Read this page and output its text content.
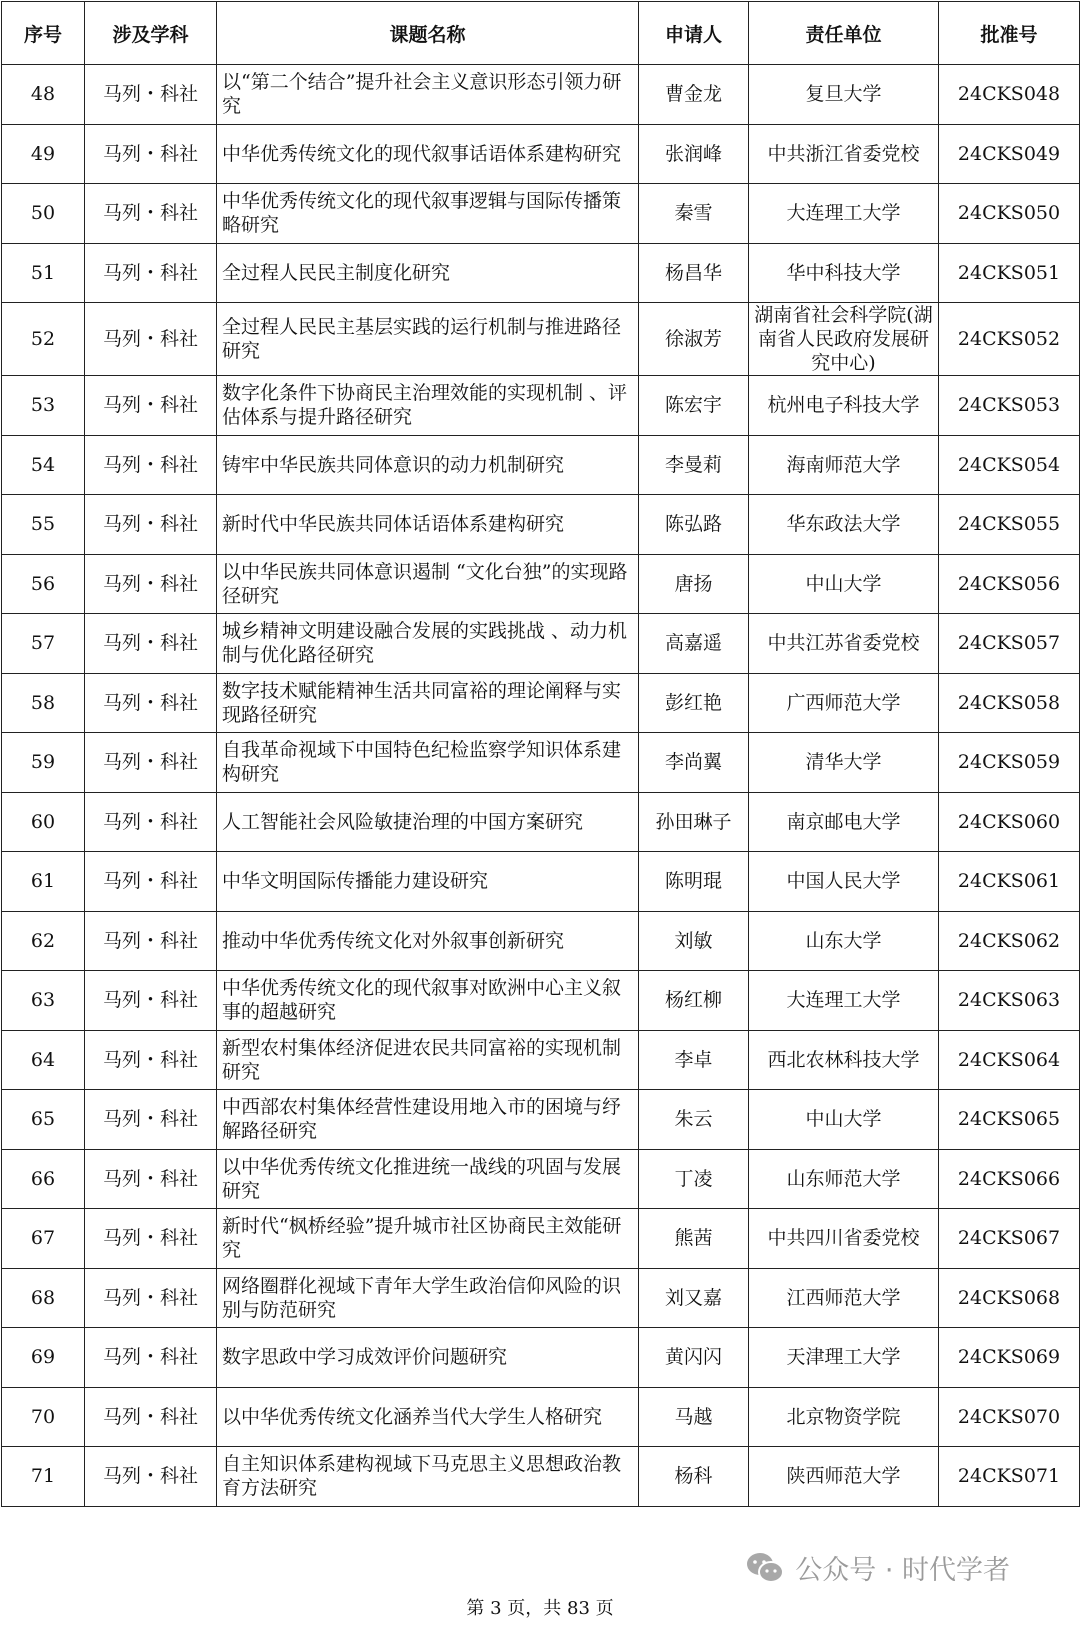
序号	涉及学科	课题名称	申请人	责任单位	批准号
48	马列・科社	以“第二个结合”提升社会主义意识形态引领力研究	曹金龙	复旦大学	24CKS048
49	马列・科社	中华优秀传统文化的现代叙事话语体系建构研究	张润峰	中共浙江省委党校	24CKS049
50	马列・科社	中华优秀传统文化的现代叙事逻辑与国际传播策略研究	秦雪	大连理工大学	24CKS050
51	马列・科社	全过程人民民主制度化研究	杨昌华	华中科技大学	24CKS051
52	马列・科社	全过程人民民主基层实践的运行机制与推进路径研究	徐淑芳	湖南省社会科学院(湖南省人民政府发展研究中心)	24CKS052
53	马列・科社	数字化条件下协商民主治理效能的实现机制 、评估体系与提升路径研究	陈宏宇	杭州电子科技大学	24CKS053
54	马列・科社	铸牢中华民族共同体意识的动力机制研究	李曼莉	海南师范大学	24CKS054
55	马列・科社	新时代中华民族共同体话语体系建构研究	陈弘路	华东政法大学	24CKS055
56	马列・科社	以中华民族共同体意识遏制 “文化台独”的实现路径研究	唐扬	中山大学	24CKS056
57	马列・科社	城乡精神文明建设融合发展的实践挑战 、动力机制与优化路径研究	高嘉遥	中共江苏省委党校	24CKS057
58	马列・科社	数字技术赋能精神生活共同富裕的理论阐释与实现路径研究	彭红艳	广西师范大学	24CKS058
59	马列・科社	自我革命视域下中国特色纪检监察学知识体系建构研究	李尚翼	清华大学	24CKS059
60	马列・科社	人工智能社会风险敏捷治理的中国方案研究	孙田琳子	南京邮电大学	24CKS060
61	马列・科社	中华文明国际传播能力建设研究	陈明琨	中国人民大学	24CKS061
62	马列・科社	推动中华优秀传统文化对外叙事创新研究	刘敏	山东大学	24CKS062
63	马列・科社	中华优秀传统文化的现代叙事对欧洲中心主义叙事的超越研究	杨红柳	大连理工大学	24CKS063
64	马列・科社	新型农村集体经济促进农民共同富裕的实现机制研究	李卓	西北农林科技大学	24CKS064
65	马列・科社	中西部农村集体经营性建设用地入市的困境与纾解路径研究	朱云	中山大学	24CKS065
66	马列・科社	以中华优秀传统文化推进统一战线的巩固与发展研究	丁凌	山东师范大学	24CKS066
67	马列・科社	新时代“枫桥经验”提升城市社区协商民主效能研究	熊茜	中共四川省委党校	24CKS067
68	马列・科社	网络圈群化视域下青年大学生政治信仰风险的识别与防范研究	刘又嘉	江西师范大学	24CKS068
69	马列・科社	数字思政中学习成效评价问题研究	黄闪闪	天津理工大学	24CKS069
70	马列・科社	以中华优秀传统文化涵养当代大学生人格研究	马越	北京物资学院	24CKS070
71	马列・科社	自主知识体系建构视域下马克思主义思想政治教育方法研究	杨科	陕西师范大学	24CKS071
公众号 · 时代学者
第 3 页，共 83 页
